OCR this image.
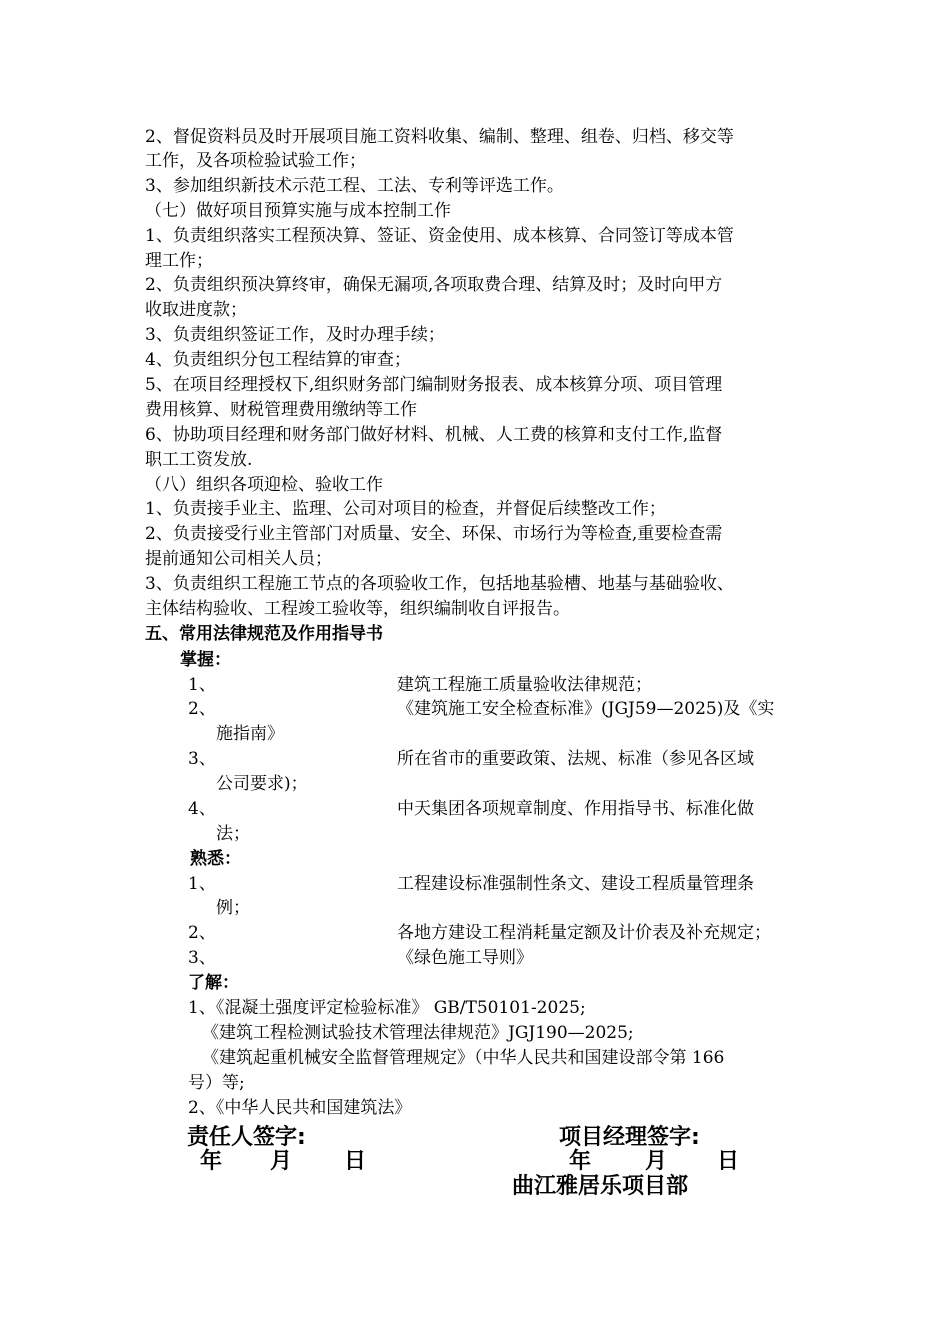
2、督促资料员及时开展项目施工资料收集、编制、整理、组卷、归档、移交等
工作，及各项检验试验工作；
3、参加组织新技术示范工程、工法、专利等评选工作。
（七）做好项目预算实施与成本控制工作
1、负责组织落实工程预决算、签证、资金使用、成本核算、合同签订等成本管
理工作；
2、负责组织预决算终审，确保无漏项,各项取费合理、结算及时；及时向甲方
收取进度款；
3、负责组织签证工作，及时办理手续；
4、负责组织分包工程结算的审查；
5、在项目经理授权下,组织财务部门编制财务报表、成本核算分项、项目管理
费用核算、财税管理费用缴纳等工作
6、协助项目经理和财务部门做好材料、机械、人工费的核算和支付工作,监督
职工工资发放.
（八）组织各项迎检、验收工作
1、负责接手业主、监理、公司对项目的检查，并督促后续整改工作；
2、负责接受行业主管部门对质量、安全、环保、市场行为等检查,重要检查需
提前通知公司相关人员；
3、负责组织工程施工节点的各项验收工作，包括地基验槽、地基与基础验收、
主体结构验收、工程竣工验收等，组织编制收自评报告。
五、常用法律规范及作用指导书
掌握：
1、	建筑工程施工质量验收法律规范；
2、	《建筑施工安全检查标准》(JGJ59—2025)及《实
施指南》
3、	所在省市的重要政策、法规、标准（参见各区域
公司要求)；
4、	中天集团各项规章制度、作用指导书、标准化做
法；
熟悉：
1、	工程建设标准强制性条文、建设工程质量管理条
例；
2、	各地方建设工程消耗量定额及计价表及补充规定；
3、	《绿色施工导则》
了解：
1、《混凝土强度评定检验标准》 GB/T50101-2025;
《建筑工程检测试验技术管理法律规范》JGJ190—2025;
《建筑起重机械安全监督管理规定》（中华人民共和国建设部令第 166
号）等;
2、《中华人民共和国建筑法》
责任人签字:	项目经理签字:
年 月 日	年 月 日
曲江雅居乐项目部
